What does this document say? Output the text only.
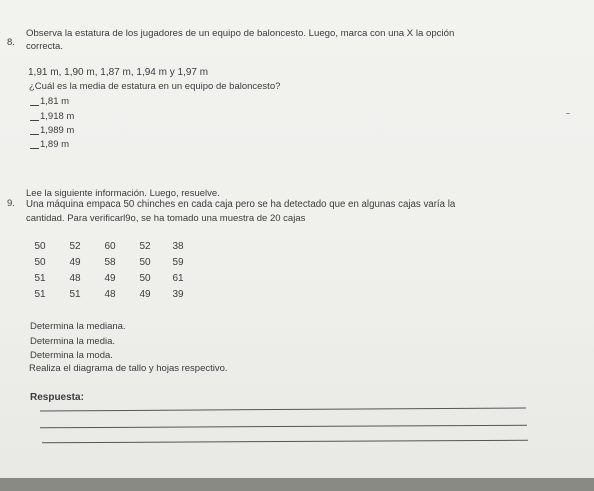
8.
Observa la estatura de los jugadores de un equipo de baloncesto. Luego, marca con una X la opción
correcta.
1,91 m, 1,90 m, 1,87 m, 1,94 m y 1,97 m
¿Cuál es la media de estatura en un equipo de baloncesto?
1,81 m
1,918 m
1,989 m
1,89 m
Lee la siguiente información. Luego, resuelve.
9. Una máquina empaca 50 chinches en cada caja pero se ha detectado que en algunas cajas varía la
cantidad. Para verificarl9o, se ha tomado una muestra de 20 cajas
50	52	60	52	38
50	49	58	50	59
51	48	49	50	61
51	51	48	49	39
Determina la mediana.
Determina la media.
Determina la moda.
Realiza el diagrama de tallo y hojas respectivo.
Respuesta:
